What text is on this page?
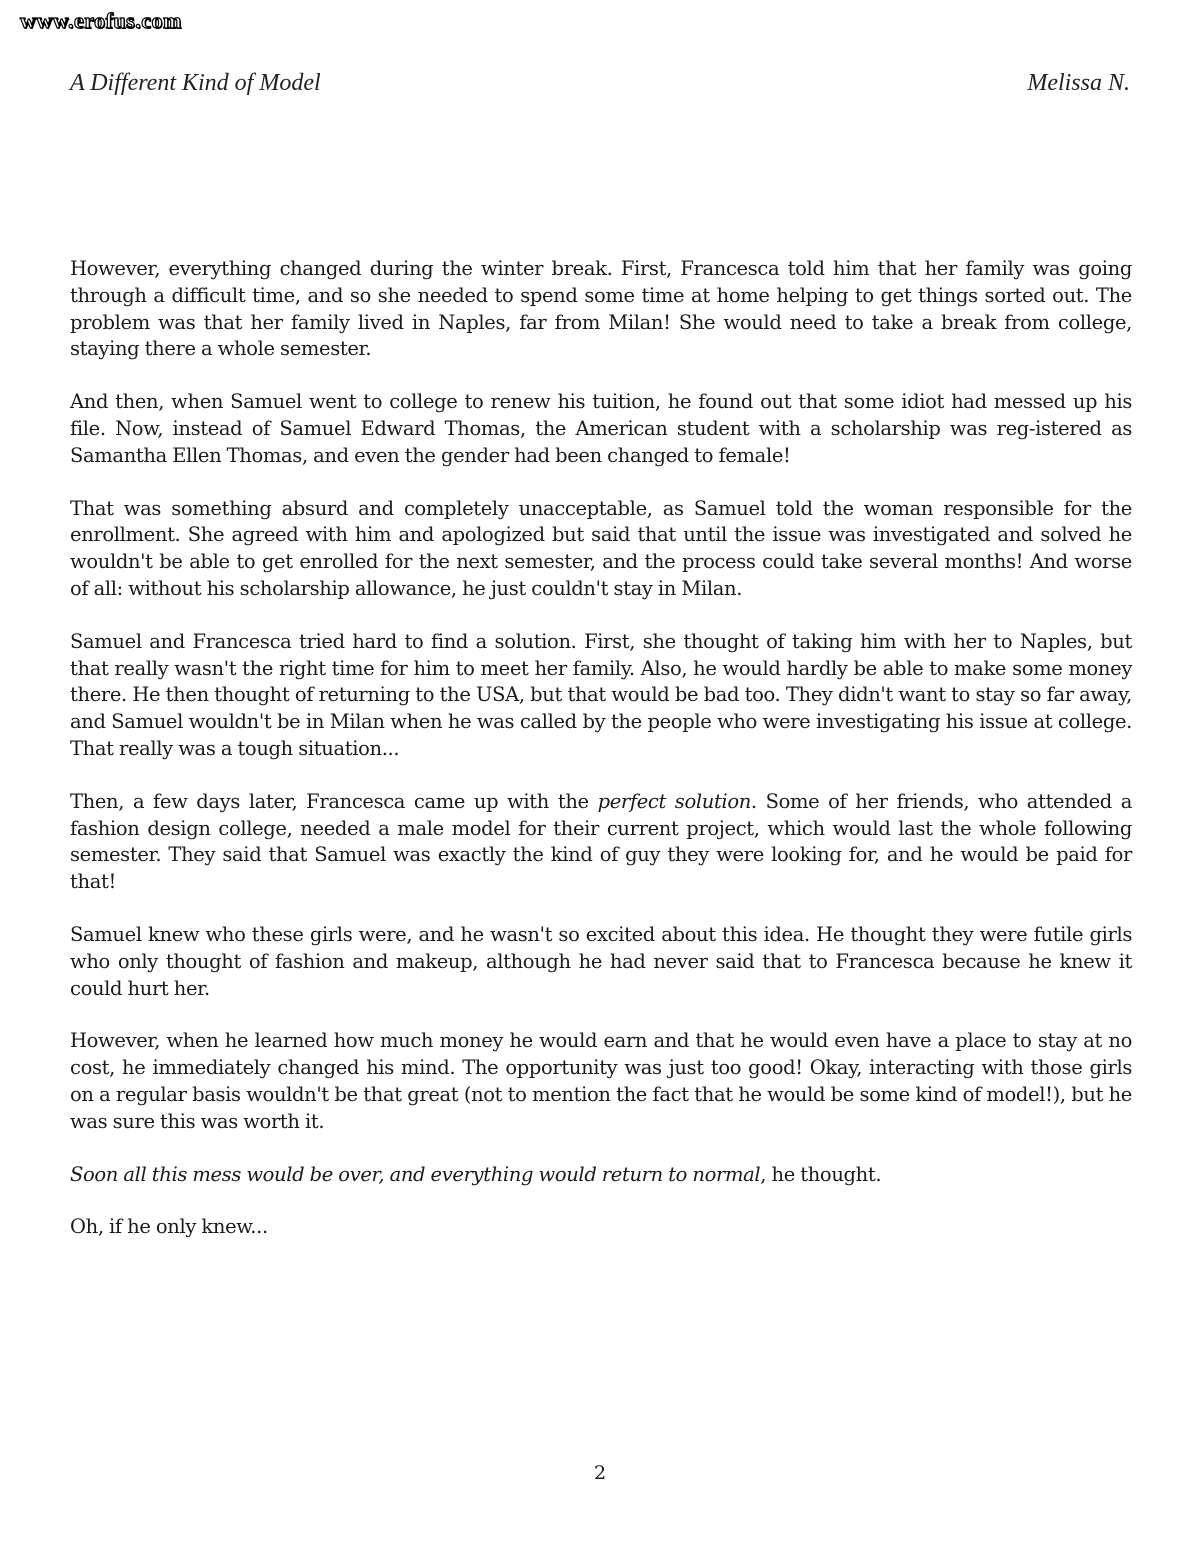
www.erofus.com
A Different Kind of Model	Melissa N.

However, everything changed during the winter break. First, Francesca told him that her family was going through a difficult time, and so she needed to spend some time at home helping to get things sorted out. The problem was that her family lived in Naples, far from Milan! She would need to take a break from college, staying there a whole semester.

And then, when Samuel went to college to renew his tuition, he found out that some idiot had messed up his file. Now, instead of Samuel Edward Thomas, the American student with a scholarship was reg-istered as Samantha Ellen Thomas, and even the gender had been changed to female!

That was something absurd and completely unacceptable, as Samuel told the woman responsible for the enrollment. She agreed with him and apologized but said that until the issue was investigated and solved he wouldn't be able to get enrolled for the next semester, and the process could take several months! And worse of all: without his scholarship allowance, he just couldn't stay in Milan.

Samuel and Francesca tried hard to find a solution. First, she thought of taking him with her to Naples, but that really wasn't the right time for him to meet her family. Also, he would hardly be able to make some money there. He then thought of returning to the USA, but that would be bad too. They didn't want to stay so far away, and Samuel wouldn't be in Milan when he was called by the people who were investigating his issue at college. That really was a tough situation...

Then, a few days later, Francesca came up with the perfect solution. Some of her friends, who attended a fashion design college, needed a male model for their current project, which would last the whole following semester. They said that Samuel was exactly the kind of guy they were looking for, and he would be paid for that!

Samuel knew who these girls were, and he wasn't so excited about this idea. He thought they were futile girls who only thought of fashion and makeup, although he had never said that to Francesca because he knew it could hurt her.

However, when he learned how much money he would earn and that he would even have a place to stay at no cost, he immediately changed his mind. The opportunity was just too good! Okay, interacting with those girls on a regular basis wouldn't be that great (not to mention the fact that he would be some kind of model!), but he was sure this was worth it.

Soon all this mess would be over, and everything would return to normal, he thought.

Oh, if he only knew...

2
